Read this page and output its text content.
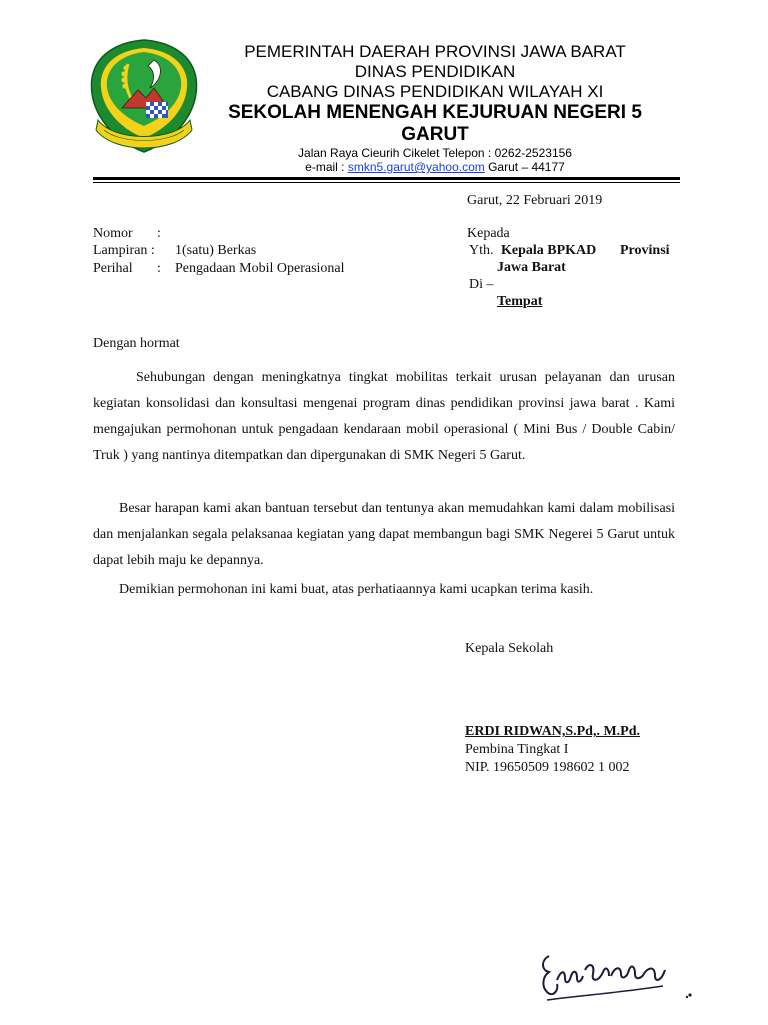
PEMERINTAH DAERAH PROVINSI JAWA BARAT
DINAS PENDIDIKAN
CABANG DINAS PENDIDIKAN WILAYAH XI
SEKOLAH MENENGAH KEJURUAN NEGERI 5
GARUT
Jalan Raya Cieurih Cikelet Telepon : 0262-2523156
e-mail : smkn5.garut@yahoo.com Garut – 44177
Garut, 22 Februari 2019
Nomor :
Lampiran : 1(satu) Berkas
Perihal : Pengadaan Mobil Operasional
Kepada
Yth. Kepala BPKAD Provinsi
Jawa Barat
Di –
Tempat
Dengan hormat
Sehubungan dengan meningkatnya tingkat mobilitas terkait urusan pelayanan dan urusan kegiatan konsolidasi dan konsultasi mengenai program dinas pendidikan provinsi jawa barat . Kami mengajukan permohonan untuk pengadaan kendaraan mobil operasional ( Mini Bus / Double Cabin/ Truk ) yang nantinya ditempatkan dan dipergunakan di SMK Negeri 5 Garut.
Besar harapan kami akan bantuan tersebut dan tentunya akan memudahkan kami dalam mobilisasi dan menjalankan segala pelaksanaa kegiatan yang dapat membangun bagi SMK Negerei 5 Garut untuk dapat lebih maju ke depannya.
Demikian permohonan ini kami buat, atas perhatiaannya kami ucapkan terima kasih.
Kepala Sekolah
ERDI RIDWAN,S.Pd,. M.Pd.
Pembina Tingkat I
NIP. 19650509 198602 1 002
